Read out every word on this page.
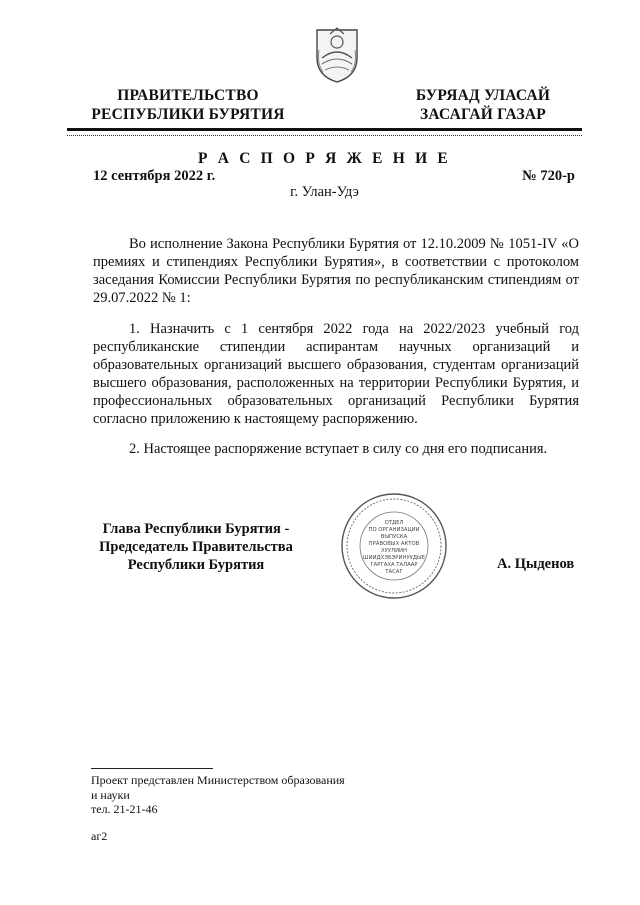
ПРАВИТЕЛЬСТВО
РЕСПУБЛИКИ БУРЯТИЯ
БУРЯАД УЛАСАЙ
ЗАСАГАЙ ГАЗАР
Р А С П О Р Я Ж Е Н И Е
12 сентября 2022 г.	№ 720-р
г. Улан-Удэ
Во исполнение Закона Республики Бурятия от 12.10.2009 № 1051-IV «О премиях и стипендиях Республики Бурятия», в соответствии с протоколом заседания Комиссии Республики Бурятия по республиканским стипендиям от 29.07.2022 № 1:
1. Назначить с 1 сентября 2022 года на 2022/2023 учебный год республиканские стипендии аспирантам научных организаций и образовательных организаций высшего образования, студентам организаций высшего образования, расположенных на территории Республики Бурятия, и профессиональных образовательных организаций Республики Бурятия согласно приложению к настоящему распоряжению.
2. Настоящее распоряжение вступает в силу со дня его подписания.
Глава Республики Бурятия -
Председатель Правительства
Республики Бурятия
ОТДЕЛ
ПО ОРГАНИЗАЦИИ
ВЫПУСКА
ПРАВОВЫХ АКТОВ
ХУУЛИИН
ШИИДХЭБЭРИНУУДЫЕ
ГАРГАХА ТАЛААР
ТАСАГ	А. Цыденов
Проект представлен Министерством образования
и науки
тел. 21-21-46
аг2
